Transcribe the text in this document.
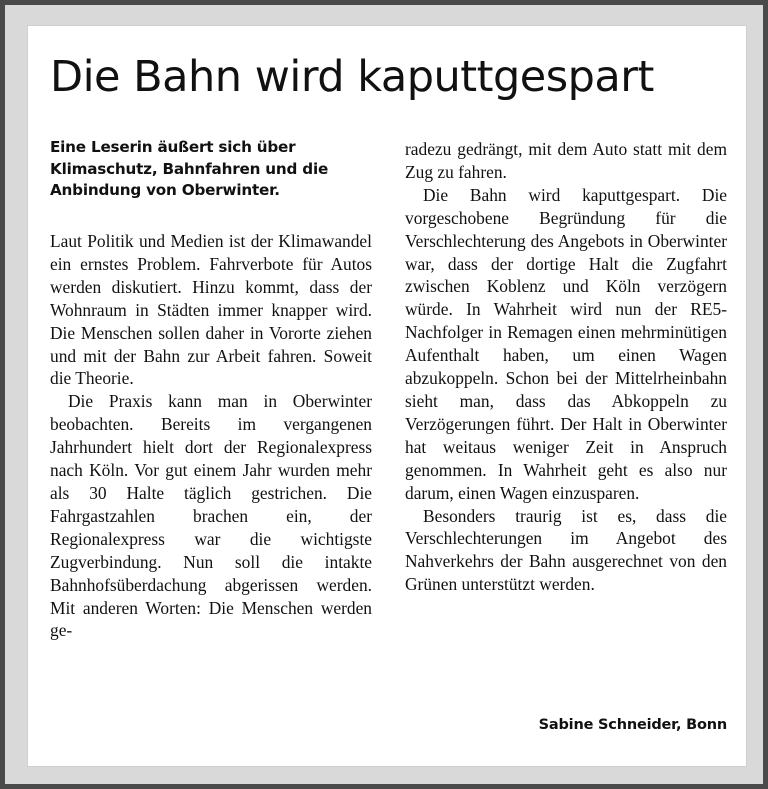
Die Bahn wird kaputtgespart

Eine Leserin äußert sich über Klimaschutz, Bahnfahren und die Anbindung von Oberwinter.

Laut Politik und Medien ist der Klimawandel ein ernstes Problem. Fahrverbote für Autos werden diskutiert. Hinzu kommt, dass der Wohnraum in Städten immer knapper wird. Die Menschen sollen daher in Vororte ziehen und mit der Bahn zur Arbeit fahren. Soweit die Theorie.

Die Praxis kann man in Oberwinter beobachten. Bereits im vergangenen Jahrhundert hielt dort der Regionalexpress nach Köln. Vor gut einem Jahr wurden mehr als 30 Halte täglich gestrichen. Die Fahrgastzahlen brachen ein, der Regionalexpress war die wichtigste Zugverbindung. Nun soll die intakte Bahnhofsüberdachung abgerissen werden. Mit anderen Worten: Die Menschen werden ge-

radezu gedrängt, mit dem Auto statt mit dem Zug zu fahren.

Die Bahn wird kaputtgespart. Die vorgeschobene Begründung für die Verschlechterung des Angebots in Oberwinter war, dass der dortige Halt die Zugfahrt zwischen Koblenz und Köln verzögern würde. In Wahrheit wird nun der RE5-Nachfolger in Remagen einen mehrminütigen Aufenthalt haben, um einen Wagen abzukoppeln. Schon bei der Mittelrheinbahn sieht man, dass das Abkoppeln zu Verzögerungen führt. Der Halt in Oberwinter hat weitaus weniger Zeit in Anspruch genommen. In Wahrheit geht es also nur darum, einen Wagen einzusparen.

Besonders traurig ist es, dass die Verschlechterungen im Angebot des Nahverkehrs der Bahn ausgerechnet von den Grünen unterstützt werden.

Sabine Schneider, Bonn
